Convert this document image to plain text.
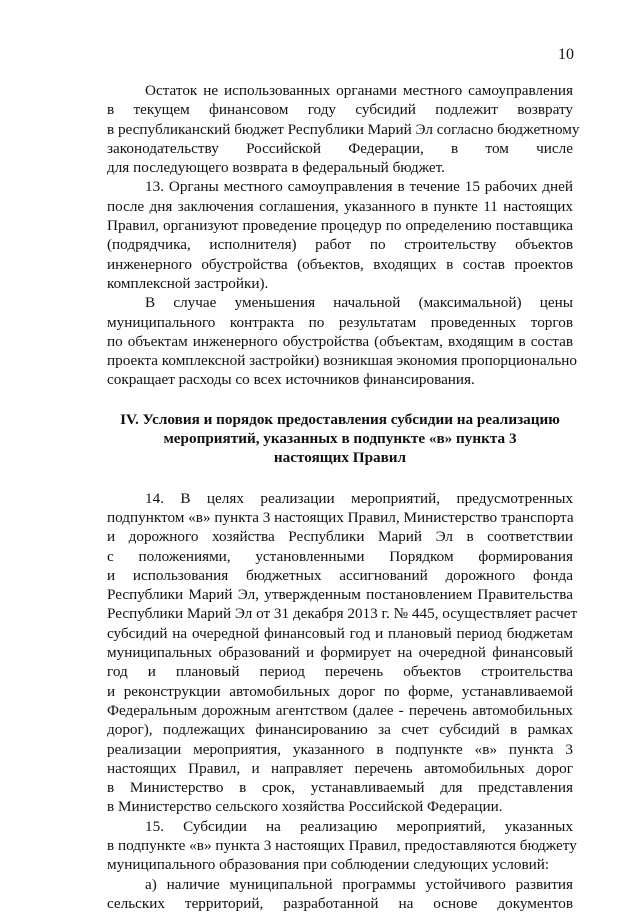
10
Остаток не использованных органами местного самоуправления
в текущем финансовом году субсидий подлежит возврату
в республиканский бюджет Республики Марий Эл согласно бюджетному
законодательству Российской Федерации, в том числе
для последующего возврата в федеральный бюджет.
13. Органы местного самоуправления в течение 15 рабочих дней
после дня заключения соглашения, указанного в пункте 11 настоящих
Правил, организуют проведение процедур по определению поставщика
(подрядчика, исполнителя) работ по строительству объектов
инженерного обустройства (объектов, входящих в состав проектов
комплексной застройки).
В случае уменьшения начальной (максимальной) цены
муниципального контракта по результатам проведенных торгов
по объектам инженерного обустройства (объектам, входящим в состав
проекта комплексной застройки) возникшая экономия пропорционально
сокращает расходы со всех источников финансирования.
IV. Условия и порядок предоставления субсидии на реализацию
мероприятий, указанных в подпункте «в» пункта 3
настоящих Правил
14. В целях реализации мероприятий, предусмотренных
подпунктом «в» пункта 3 настоящих Правил, Министерство транспорта
и дорожного хозяйства Республики Марий Эл в соответствии
с положениями, установленными Порядком формирования
и использования бюджетных ассигнований дорожного фонда
Республики Марий Эл, утвержденным постановлением Правительства
Республики Марий Эл от 31 декабря 2013 г. № 445, осуществляет расчет
субсидий на очередной финансовый год и плановый период бюджетам
муниципальных образований и формирует на очередной финансовый
год и плановый период перечень объектов строительства
и реконструкции автомобильных дорог по форме, устанавливаемой
Федеральным дорожным агентством (далее - перечень автомобильных
дорог), подлежащих финансированию за счет субсидий в рамках
реализации мероприятия, указанного в подпункте «в» пункта 3
настоящих Правил, и направляет перечень автомобильных дорог
в Министерство в срок, устанавливаемый для представления
в Министерство сельского хозяйства Российской Федерации.
15. Субсидии на реализацию мероприятий, указанных
в подпункте «в» пункта 3 настоящих Правил, предоставляются бюджету
муниципального образования при соблюдении следующих условий:
а) наличие муниципальной программы устойчивого развития
сельских территорий, разработанной на основе документов
